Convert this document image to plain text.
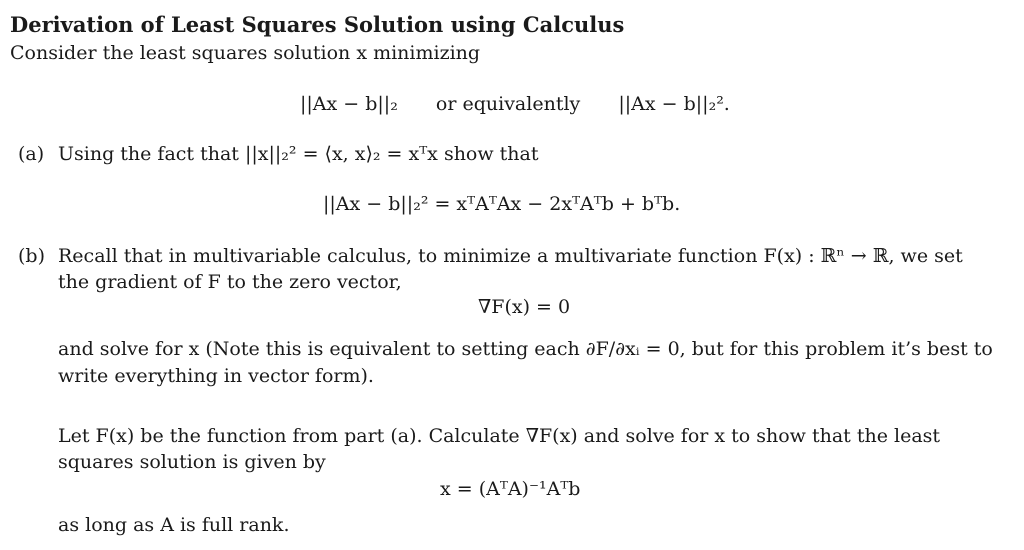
Derivation of Least Squares Solution using Calculus
Consider the least squares solution x minimizing
||Ax − b||₂ or equivalently ||Ax − b||₂².
(a) Using the fact that ||x||₂² = ⟨x, x⟩₂ = xᵀx show that
||Ax − b||₂² = xᵀAᵀAx − 2xᵀAᵀb + bᵀb.
(b) Recall that in multivariable calculus, to minimize a multivariate function F(x) : ℝⁿ → ℝ, we set
the gradient of F to the zero vector,
∇F(x) = 0
and solve for x (Note this is equivalent to setting each ∂F/∂xᵢ = 0, but for this problem it’s best to
write everything in vector form).
Let F(x) be the function from part (a). Calculate ∇F(x) and solve for x to show that the least
squares solution is given by
x = (AᵀA)⁻¹Aᵀb
as long as A is full rank.
